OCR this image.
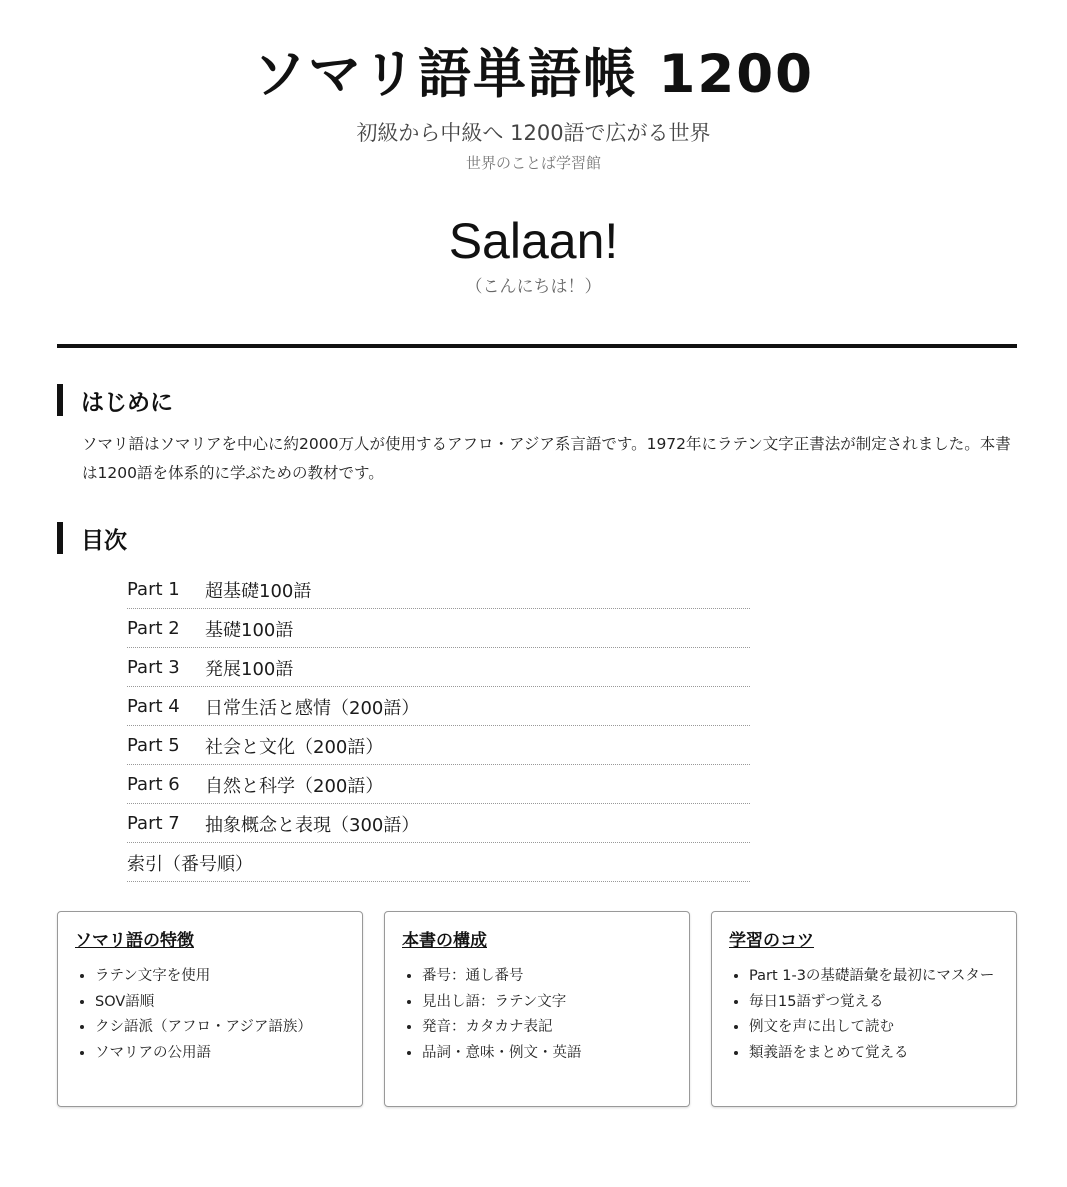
ソマリ語単語帳 1200
初級から中級へ 1200語で広がる世界
世界のことば学習館
Salaan!
（こんにちは！）
はじめに
ソマリ語はソマリアを中心に約2000万人が使用するアフロ・アジア系言語です。1972年にラテン文字正書法が制定されました。本書は1200語を体系的に学ぶための教材です。
目次
Part 1	超基礎100語
Part 2	基礎100語
Part 3	発展100語
Part 4	日常生活と感情（200語）
Part 5	社会と文化（200語）
Part 6	自然と科学（200語）
Part 7	抽象概念と表現（300語）
索引（番号順）
ソマリ語の特徴
• ラテン文字を使用
• SOV語順
• クシ語派（アフロ・アジア語族）
• ソマリアの公用語
本書の構成
• 番号：通し番号
• 見出し語：ラテン文字
• 発音：カタカナ表記
• 品詞・意味・例文・英語
学習のコツ
• Part 1-3の基礎語彙を最初にマスター
• 毎日15語ずつ覚える
• 例文を声に出して読む
• 類義語をまとめて覚える
